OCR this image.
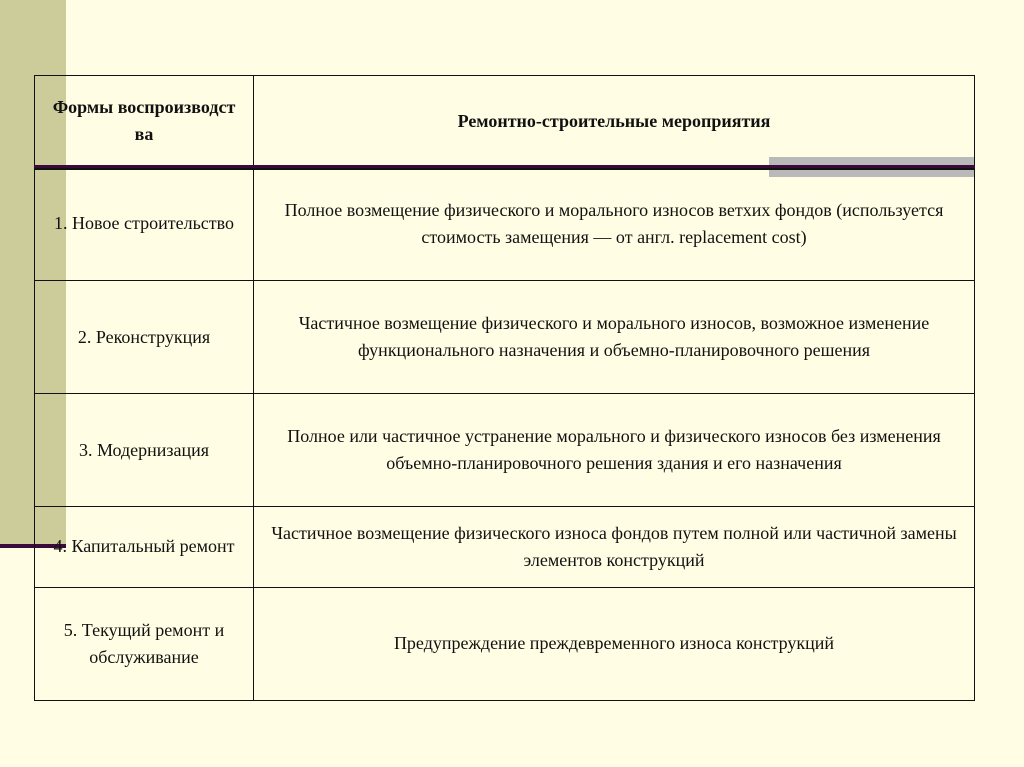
Формы воспроизводст ва	Ремонтно-строительные мероприятия
1. Новое строительство	Полное возмещение физического и морального износов ветхих фондов (используется стоимость замещения — от англ. replacement cost)
2. Реконструкция	Частичное возмещение физического и морального износов, возможное изменение функционального назначения и объемно-планировочного решения
3. Модернизация	Полное или частичное устранение морального и физического износов без изменения объемно-планировочного решения здания и его назначения
4. Капитальный ремонт	Частичное возмещение физического износа фондов путем полной или частичной замены элементов конструкций
5. Текущий ремонт и обслуживание	Предупреждение преждевременного износа конструкций
